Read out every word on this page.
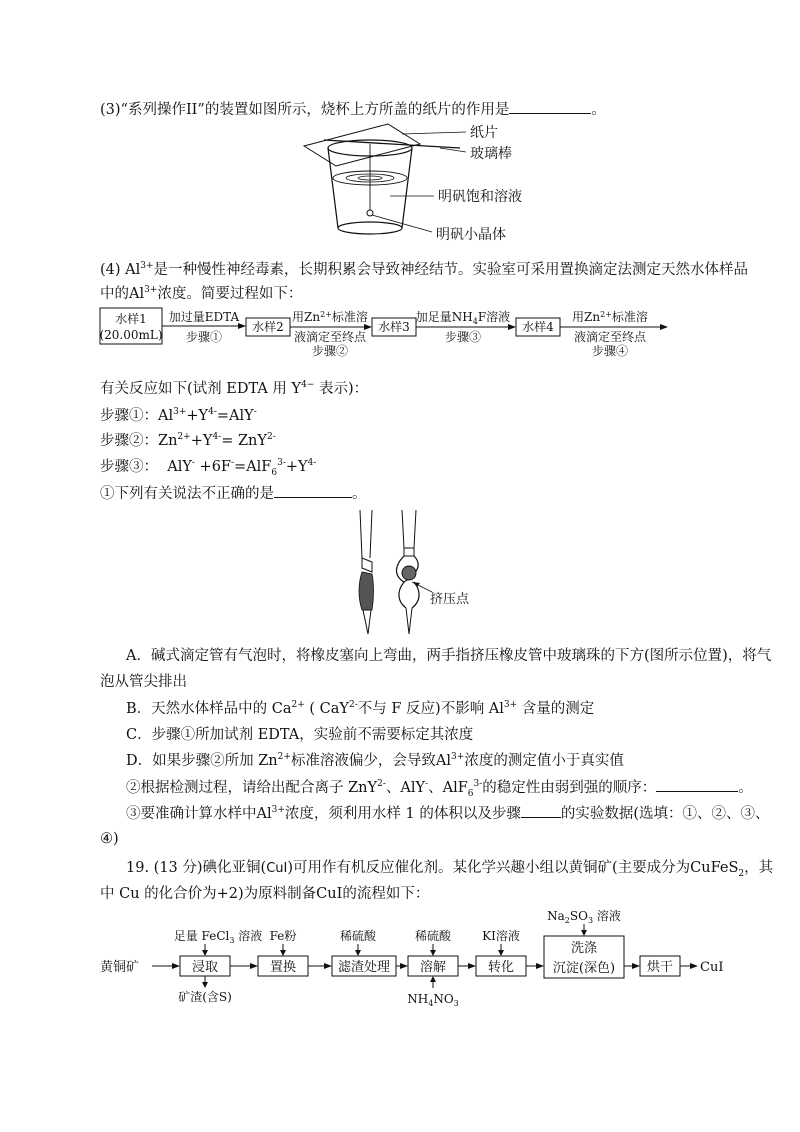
(3)“系列操作II”的装置如图所示，烧杯上方所盖的纸片的作用是	。
纸片
玻璃棒
明矾饱和溶液
明矾小晶体
(4) $Al^{3+}$是一种慢性神经毒素，长期积累会导致神经结节。实验室可采用置换滴定法测定天然水体样品
中的$Al^{3+}$浓度。简要过程如下：
水样1
(20.00mL)
加过量EDTA
步骤①
水样2
用$Zn^{2+}$标准溶
液滴定至终点
步骤②
水样3
加足量$NH_4F$溶液
步骤③
水样4
用$Zn^{2+}$标准溶
液滴定至终点
步骤④
有关反应如下(试剂 EDTA 用 $Y^{4-}$ 表示)：
步骤①：$Al^{3+}+Y^{4-}=AlY^-$
步骤②：$Zn^{2+}+Y^{4-}= ZnY^{2-}$
步骤③： $AlY^- +6F^-=AlF_6^{3-}+Y^{4-}$
①下列有关说法不正确的是	。
挤压点
A．碱式滴定管有气泡时，将橡皮塞向上弯曲，两手指挤压橡皮管中玻璃珠的下方(图所示位置)，将气
泡从管尖排出
B．天然水体样品中的 $Ca^{2+}$ ( CaY$^{2-}$不与 F 反应)不影响 $Al^{3+}$ 含量的测定
C．步骤①所加试剂 EDTA，实验前不需要标定其浓度
D．如果步骤②所加 $Zn^{2+}$标准溶液偏少，会导致$Al^{3+}$浓度的测定值小于真实值
②根据检测过程，请给出配合离子 ZnY$^{2-}$、AlY-、AlF$_6^{3-}$的稳定性由弱到强的顺序：	。
③要准确计算水样中$Al^{3+}$浓度，须利用水样 1 的体积以及步骤	的实验数据(选填：①、②、③、
④)
19. (13 分)碘化亚铜(CuI)可用作有机反应催化剂。某化学兴趣小组以黄铜矿(主要成分为CuFeS$_2$，其
中 Cu 的化合价为+2)为原料制备CuI的流程如下：
黄铜矿	浸取
足量 FeCl$_3$ 溶液
矿渣(含S)
置换
Fe粉
滤渣处理
稀硫酸
溶解
稀硫酸
$NH_4NO_3$
转化
KI溶液
洗涤
沉淀(深色)
$Na_2SO_3$ 溶液
烘干 CuI
